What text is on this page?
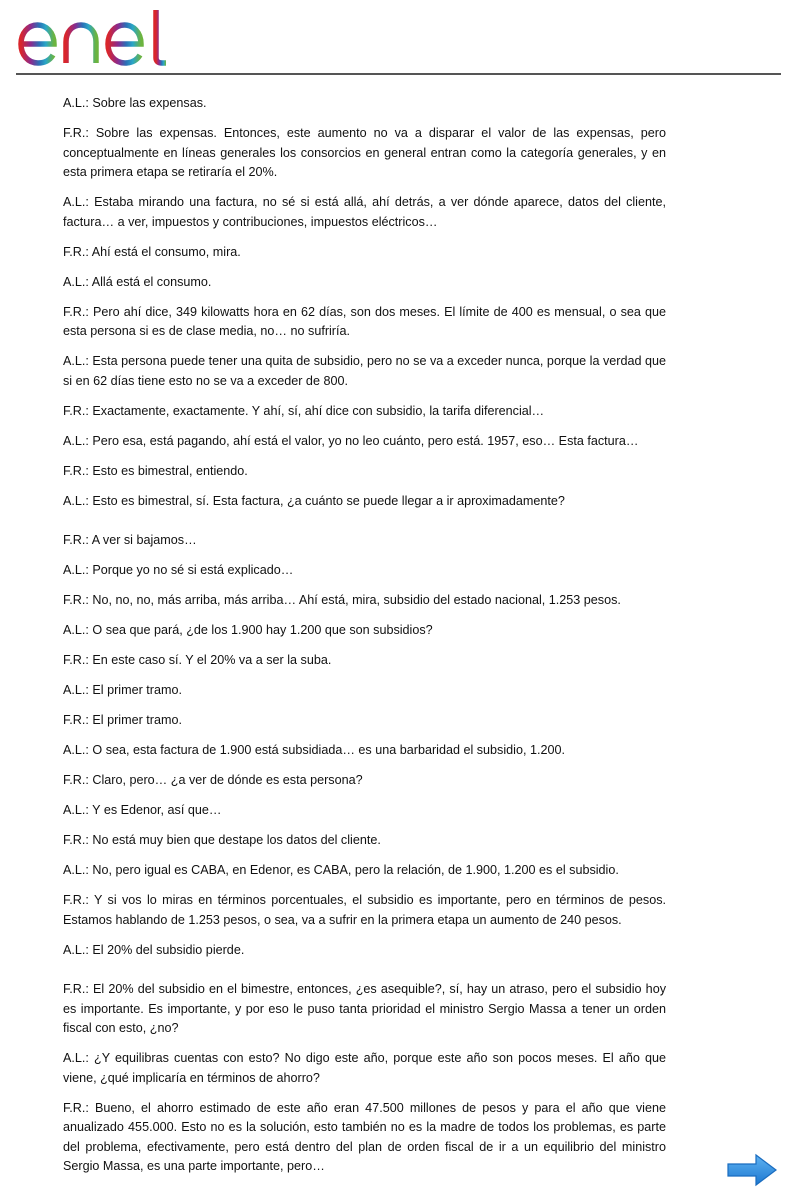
A.L.: Sobre las expensas.

F.R.: Sobre las expensas. Entonces, este aumento no va a disparar el valor de las expensas, pero conceptualmente en líneas generales los consorcios en general entran como la categoría generales, y en esta primera etapa se retiraría el 20%.

A.L.: Estaba mirando una factura, no sé si está allá, ahí detrás, a ver dónde aparece, datos del cliente, factura… a ver, impuestos y contribuciones, impuestos eléctricos…

F.R.: Ahí está el consumo, mira.

A.L.: Allá está el consumo.

F.R.: Pero ahí dice, 349 kilowatts hora en 62 días, son dos meses. El límite de 400 es mensual, o sea que esta persona si es de clase media, no… no sufriría.

A.L.: Esta persona puede tener una quita de subsidio, pero no se va a exceder nunca, porque la verdad que si en 62 días tiene esto no se va a exceder de 800.

F.R.: Exactamente, exactamente. Y ahí, sí, ahí dice con subsidio, la tarifa diferencial…

A.L.: Pero esa, está pagando, ahí está el valor, yo no leo cuánto, pero está. 1957, eso… Esta factura…

F.R.: Esto es bimestral, entiendo.

A.L.: Esto es bimestral, sí. Esta factura, ¿a cuánto se puede llegar a ir aproximadamente?

F.R.: A ver si bajamos…

A.L.: Porque yo no sé si está explicado…

F.R.: No, no, no, más arriba, más arriba… Ahí está, mira, subsidio del estado nacional, 1.253 pesos.

A.L.: O sea que pará, ¿de los 1.900 hay 1.200 que son subsidios?

F.R.: En este caso sí. Y el 20% va a ser la suba.

A.L.: El primer tramo.

F.R.: El primer tramo.

A.L.: O sea, esta factura de 1.900 está subsidiada… es una barbaridad el subsidio, 1.200.

F.R.: Claro, pero… ¿a ver de dónde es esta persona?

A.L.: Y es Edenor, así que…

F.R.: No está muy bien que destape los datos del cliente.

A.L.: No, pero igual es CABA, en Edenor, es CABA, pero la relación, de 1.900, 1.200 es el subsidio.

F.R.: Y si vos lo miras en términos porcentuales, el subsidio es importante, pero en términos de pesos. Estamos hablando de 1.253 pesos, o sea, va a sufrir en la primera etapa un aumento de 240 pesos.

A.L.: El 20% del subsidio pierde.

F.R.: El 20% del subsidio en el bimestre, entonces, ¿es asequible?, sí, hay un atraso, pero el subsidio hoy es importante. Es importante, y por eso le puso tanta prioridad el ministro Sergio Massa a tener un orden fiscal con esto, ¿no?

A.L.: ¿Y equilibras cuentas con esto? No digo este año, porque este año son pocos meses. El año que viene, ¿qué implicaría en términos de ahorro?

F.R.: Bueno, el ahorro estimado de este año eran 47.500 millones de pesos y para el año que viene anualizado 455.000. Esto no es la solución, esto también no es la madre de todos los problemas, es parte del problema, efectivamente, pero está dentro del plan de orden fiscal de ir a un equilibrio del ministro Sergio Massa, es una parte importante, pero…
